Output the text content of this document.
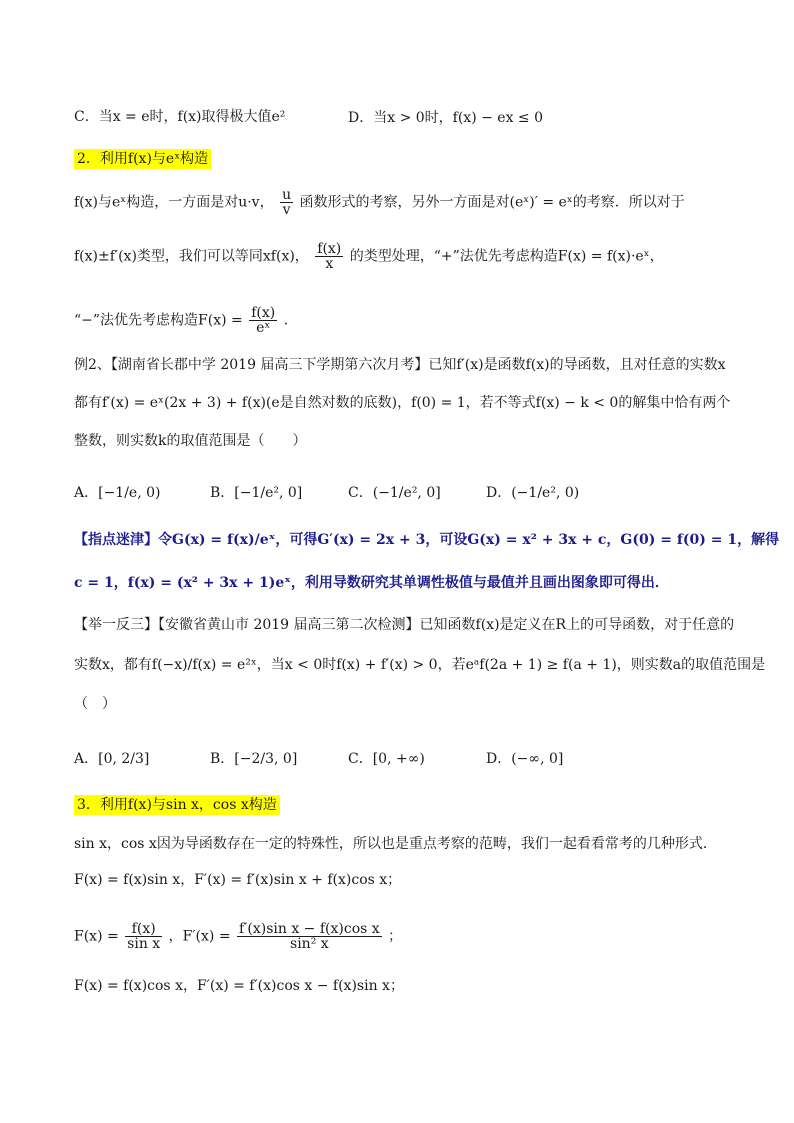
C．当x = e时，f(x)取得极大值e²	D．当x > 0时，f(x) − ex ≤ 0
2．利用f(x)与eˣ构造
f(x)与eˣ构造，一方面是对u·v， $\frac{u}{v}$ 函数形式的考察，另外一方面是对(eˣ)′ = eˣ的考察．所以对于
f(x)±f′(x)类型，我们可以等同xf(x)， $\frac{f(x)}{x}$ 的类型处理，“+”法优先考虑构造F(x) = f(x)·eˣ，
“−”法优先考虑构造$F(x) = \frac{f(x)}{\text{eˣ}}$ ．
例2、【湖南省长郡中学 2019 届高三下学期第六次月考】已知f′(x)是函数f(x)的导函数，且对任意的实数x
都有f′(x) = eˣ(2x + 3) + f(x)(e是自然对数的底数)，f(0) = 1，若不等式f(x) − k < 0的解集中恰有两个
整数，则实数k的取值范围是（　　）
A．[−1/e, 0)	B．[−1/e², 0]	C．(−1/e², 0]	D．(−1/e², 0)
【指点迷津】令G(x) = f(x)/eˣ，可得G′(x) = 2x + 3，可设G(x) = x² + 3x + c，G(0) = f(0) = 1，解得
c = 1，f(x) = (x² + 3x + 1)eˣ，利用导数研究其单调性极值与最值并且画出图象即可得出．
【举一反三】【安徽省黄山市 2019 届高三第二次检测】已知函数f(x)是定义在R上的可导函数，对于任意的
实数x，都有f(−x)/f(x) = e²ˣ，当x < 0时f(x) + f′(x) > 0，若eᵃf(2a + 1) ≥ f(a + 1)，则实数a的取值范围是
（　）
A．[0, 2/3]	B．[−2/3, 0]	C．[0, +∞)	D．(−∞, 0]
3．利用f(x)与sin x，cos x构造
sin x，cos x因为导函数存在一定的特殊性，所以也是重点考察的范畴，我们一起看看常考的几种形式．
F(x) = f(x)sin x，F′(x) = f′(x)sin x + f(x)cos x；
$F(x) = \frac{f(x)}{\text{sin x}}$ ，$F'(x) = \frac{\text{f′(x)sin x − f(x)cos x}}{\text{sin² x}}$ ；
F(x) = f(x)cos x，F′(x) = f′(x)cos x − f(x)sin x；
